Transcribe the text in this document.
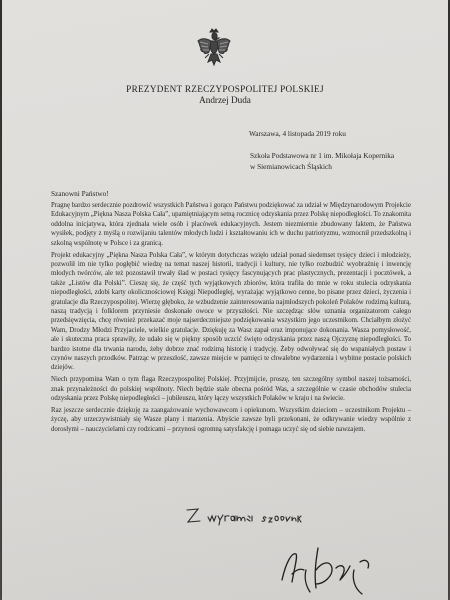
PREZYDENT RZECZYPOSPOLITEJ POLSKIEJ
Andrzej Duda
Warszawa, 4 listopada 2019 roku
Szkoła Podstawowa nr 1 im. Mikołaja Kopernika
w Siemianowicach Śląskich
Szanowni Państwo!

Pragnę bardzo serdecznie pozdrowić wszystkich Państwa i gorąco Państwu podziękować za udział w Międzynarodowym Projekcie Edukacyjnym „Piękna Nasza Polska Cała”, upamiętniającym setną rocznicę odzyskania przez Polskę niepodległości. To znakomita oddolna inicjatywa, która zjednała wiele osób i placówek edukacyjnych. Jestem niezmiernie zbudowany faktem, że Państwa wysiłek, podjęty z myślą o rozwijaniu talentów młodych ludzi i kształtowaniu ich w duchu patriotyzmu, wzmocnił przedszkolną i szkolną wspólnotę w Polsce i za granicą.

Projekt edukacyjny „Piękna Nasza Polska Cała”, w którym dotychczas wzięło udział ponad siedemset tysięcy dzieci i młodzieży, pozwolił im nie tylko pogłębić wiedzę na temat naszej historii, tradycji i kultury, nie tylko rozbudzić wyobraźnię i inwencję młodych twórców, ale też pozostawił trwały ślad w postaci tysięcy fascynujących prac plastycznych, prezentacji i pocztówek, a także „Listów dla Polski”. Cieszę się, że część tych wyjątkowych zbiorów, która trafiła do mnie w roku stulecia odzyskania niepodległości, zdobi karty okolicznościowej Księgi Niepodległej, wyrażając wyjątkowo cenne, bo pisane przez dzieci, życzenia i gratulacje dla Rzeczypospolitej. Wierzę głęboko, że wzbudzenie zainteresowania najmłodszych pokoleń Polaków rodzimą kulturą, naszą tradycją i folklorem przyniesie doskonałe owoce w przyszłości. Nie szczędząc słów uznania organizatorom całego przedsięwzięcia, chcę również przekazać moje najserdeczniejsze podziękowania wszystkim jego uczestnikom. Chciałbym złożyć Wam, Drodzy Młodzi Przyjaciele, wielkie gratulacje. Dziękuję za Wasz zapał oraz imponujące dokonania. Wasza pomysłowość, ale i skuteczna praca sprawiły, że udało się w piękny sposób uczcić święto odzyskania przez naszą Ojczyznę niepodległości. To bardzo istotne dla trwania narodu, żeby dobrze znać rodzimą historię i tradycję. Żeby odwoływać się do wspaniałych postaw i czynów naszych przodków. Patrząc w przeszłość, zawsze miejcie w pamięci te chwalebne wydarzenia i wybitne postacie polskich dziejów.

Niech przypomina Wam o tym flaga Rzeczypospolitej Polskiej. Przyjmijcie, proszę, ten szczególny symbol naszej tożsamości, znak przynależności do polskiej wspólnoty. Niech będzie stale obecna pośród Was, a szczególnie w czasie obchodów stulecia odzyskania przez Polskę niepodległości – jubileuszu, który łączy wszystkich Polaków w kraju i na świecie.

Raz jeszcze serdecznie dziękuję za zaangażowanie wychowawcom i opiekunom. Wszystkim dzieciom – uczestnikom Projektu – życzę, aby urzeczywistniały się Wasze plany i marzenia. Abyście zawsze byli przekonani, że odkrywanie wiedzy wspólnie z dorosłymi – nauczycielami czy rodzicami – przynosi ogromną satysfakcję i pomaga uczyć się od siebie nawzajem.
